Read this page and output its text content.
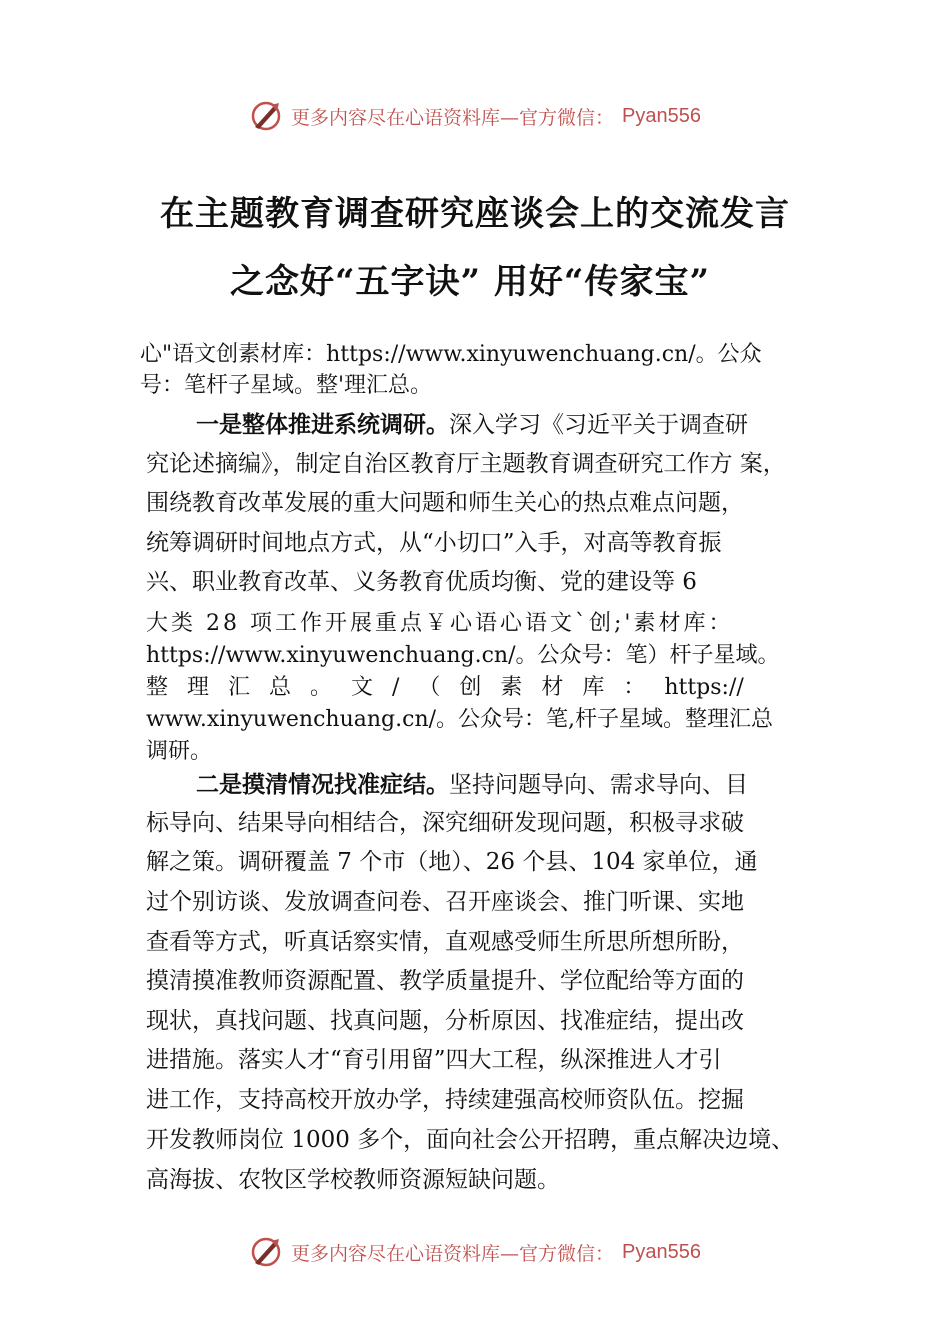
更多内容尽在心语资料库—官方微信： Pyan556
在主题教育调查研究座谈会上的交流发言
之念好“五字诀” 用好“传家宝”
心"语文创素材库：https://www.xinyuwenchuang.cn/。公众
号：笔杆子星域。整'理汇总。
一是整体推进系统调研。深入学习《习近平关于调查研
究论述摘编》，制定自治区教育厅主题教育调查研究工作方 案，
围绕教育改革发展的重大问题和师生关心的热点难点问题，
统筹调研时间地点方式，从“小切口”入手，对高等教育振
兴、职业教育改革、义务教育优质均衡、党的建设等 6
大类 28 项工作开展重点￥心语心语文`创;'素材库：
https://www.xinyuwenchuang.cn/。公众号：笔）杆子星域。
整 理 汇 总 。 文 / （ 创 素 材 库 ： https://
www.xinyuwenchuang.cn/。公众号：笔,杆子星域。整理汇总
调研。
二是摸清情况找准症结。坚持问题导向、需求导向、目
标导向、结果导向相结合，深究细研发现问题，积极寻求破
解之策。调研覆盖 7 个市（地）、26 个县、104 家单位，通
过个别访谈、发放调查问卷、召开座谈会、推门听课、实地
查看等方式，听真话察实情，直观感受师生所思所想所盼，
摸清摸准教师资源配置、教学质量提升、学位配给等方面的
现状，真找问题、找真问题，分析原因、找准症结，提出改
进措施。落实人才“育引用留”四大工程，纵深推进人才引
进工作，支持高校开放办学，持续建强高校师资队伍。挖掘
开发教师岗位 1000 多个，面向社会公开招聘，重点解决边境、
高海拔、农牧区学校教师资源短缺问题。
更多内容尽在心语资料库—官方微信： Pyan556
